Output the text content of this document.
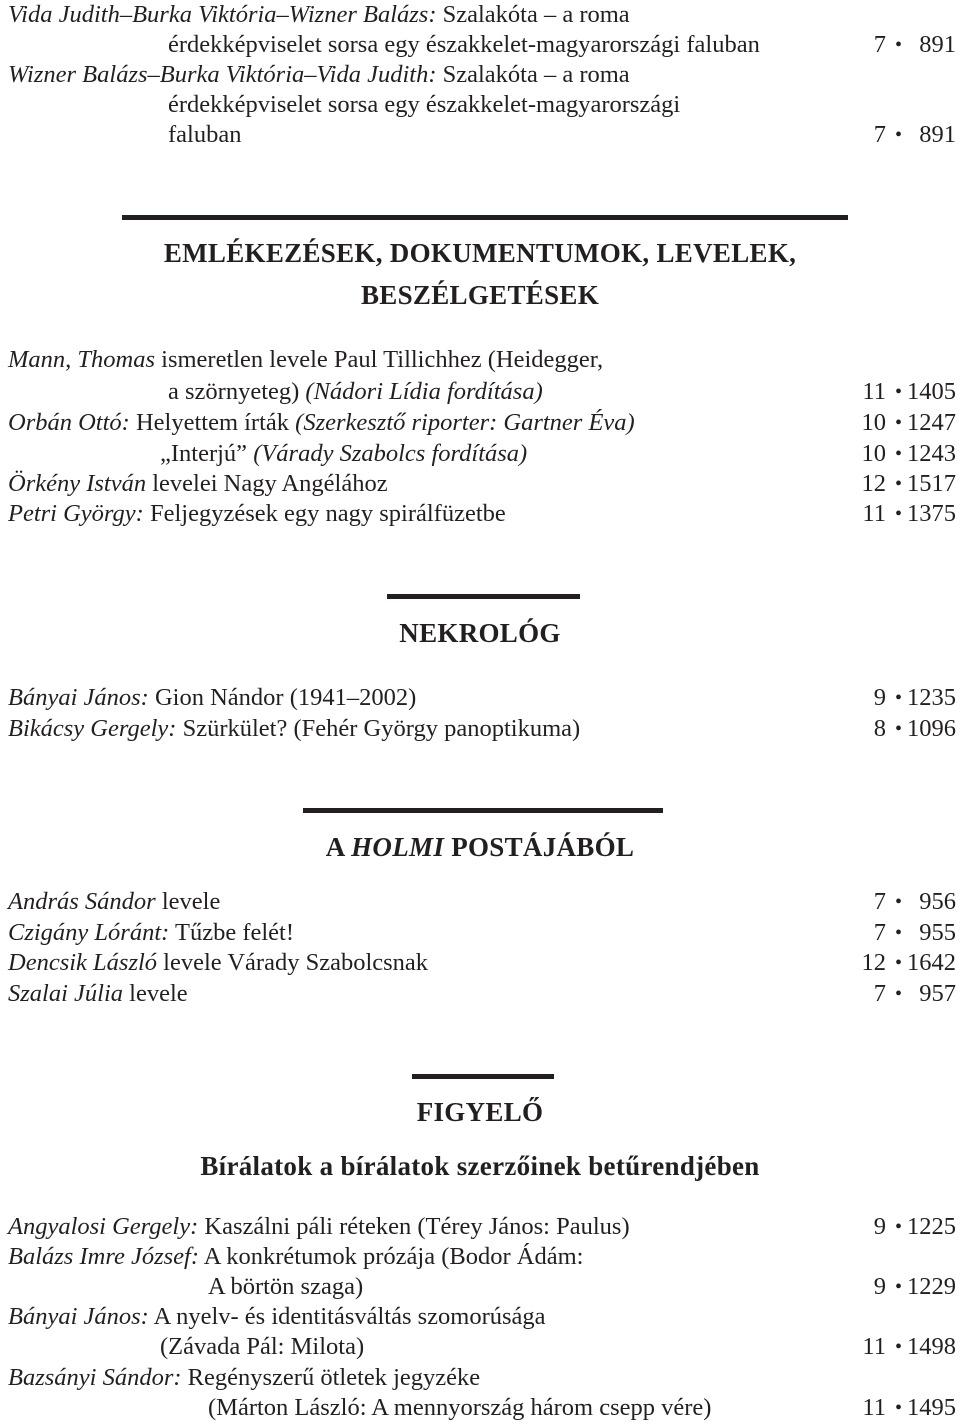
Vida Judith–Burka Viktória–Wizner Balázs: Szalakóta – a roma
érdekképviselet sorsa egy északkelet-magyarországi faluban	7 • 891
Wizner Balázs–Burka Viktória–Vida Judith: Szalakóta – a roma
érdekképviselet sorsa egy északkelet-magyarországi
faluban	7 • 891
EMLÉKEZÉSEK, DOKUMENTUMOK, LEVELEK,
BESZÉLGETÉSEK
Mann, Thomas ismeretlen levele Paul Tillichhez (Heidegger,
a szörnyeteg) (Nádori Lídia fordítása)	11 • 1405
Orbán Ottó: Helyettem írták (Szerkesztő riporter: Gartner Éva)	10 • 1247
„Interjú” (Várady Szabolcs fordítása)	10 • 1243
Örkény István levelei Nagy Angélához	12 • 1517
Petri György: Feljegyzések egy nagy spirálfüzetbe	11 • 1375
NEKROLÓG
Bányai János: Gion Nándor (1941–2002)	9 • 1235
Bikácsy Gergely: Szürkület? (Fehér György panoptikuma)	8 • 1096
A HOLMI POSTÁJÁBÓL
András Sándor levele	7 • 956
Czigány Lóránt: Tűzbe felét!	7 • 955
Dencsik László levele Várady Szabolcsnak	12 • 1642
Szalai Júlia levele	7 • 957
FIGYELŐ
Bírálatok a bírálatok szerzőinek betűrendjében
Angyalosi Gergely: Kaszálni páli réteken (Térey János: Paulus)	9 • 1225
Balázs Imre József: A konkrétumok prózája (Bodor Ádám:
A börtön szaga)	9 • 1229
Bányai János: A nyelv- és identitásváltás szomorúsága
(Závada Pál: Milota)	11 • 1498
Bazsányi Sándor: Regényszerű ötletek jegyzéke
(Márton László: A mennyország három csepp vére)	11 • 1495
